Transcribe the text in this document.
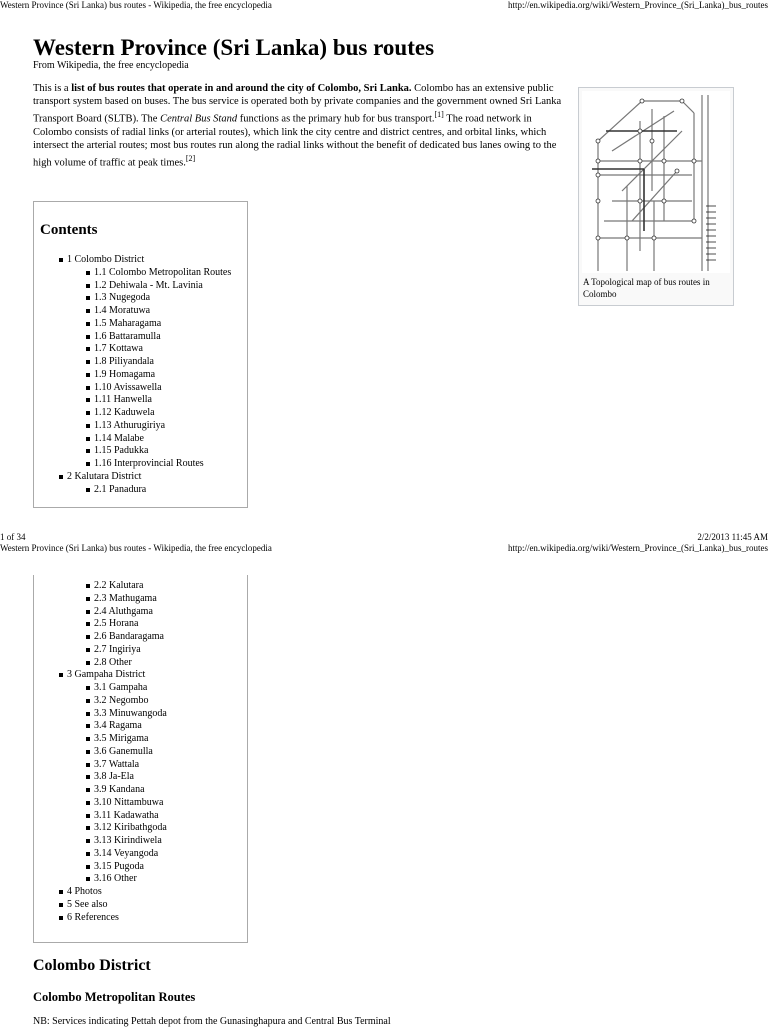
Western Province (Sri Lanka) bus routes - Wikipedia, the free encyclopedia	http://en.wikipedia.org/wiki/Western_Province_(Sri_Lanka)_bus_routes
Western Province (Sri Lanka) bus routes
From Wikipedia, the free encyclopedia

This is a list of bus routes that operate in and around the city of Colombo, Sri Lanka. Colombo has an extensive public transport system based on buses. The bus service is operated both by private companies and the government owned Sri Lanka Transport Board (SLTB). The Central Bus Stand functions as the primary hub for bus transport.[1] The road network in Colombo consists of radial links (or arterial routes), which link the city centre and district centres, and orbital links, which intersect the arterial routes; most bus routes run along the radial links without the benefit of dedicated bus lanes owing to the high volume of traffic at peak times.[2]

A Topological map of bus routes in Colombo
Contents
1 Colombo District
1.1 Colombo Metropolitan Routes
1.2 Dehiwala - Mt. Lavinia
1.3 Nugegoda
1.4 Moratuwa
1.5 Maharagama
1.6 Battaramulla
1.7 Kottawa
1.8 Piliyandala
1.9 Homagama
1.10 Avissawella
1.11 Hanwella
1.12 Kaduwela
1.13 Athurugiriya
1.14 Malabe
1.15 Padukka
1.16 Interprovincial Routes
2 Kalutara District
2.1 Panadura
1 of 34	2/2/2013 11:45 AM
Western Province (Sri Lanka) bus routes - Wikipedia, the free encyclopedia	http://en.wikipedia.org/wiki/Western_Province_(Sri_Lanka)_bus_routes
2.2 Kalutara
2.3 Mathugama
2.4 Aluthgama
2.5 Horana
2.6 Bandaragama
2.7 Ingiriya
2.8 Other
3 Gampaha District
3.1 Gampaha
3.2 Negombo
3.3 Minuwangoda
3.4 Ragama
3.5 Mirigama
3.6 Ganemulla
3.7 Wattala
3.8 Ja-Ela
3.9 Kandana
3.10 Nittambuwa
3.11 Kadawatha
3.12 Kiribathgoda
3.13 Kirindiwela
3.14 Veyangoda
3.15 Pugoda
3.16 Other
4 Photos
5 See also
6 References
Colombo District
Colombo Metropolitan Routes
NB: Services indicating Pettah depot from the Gunasinghapura and Central Bus Terminal
